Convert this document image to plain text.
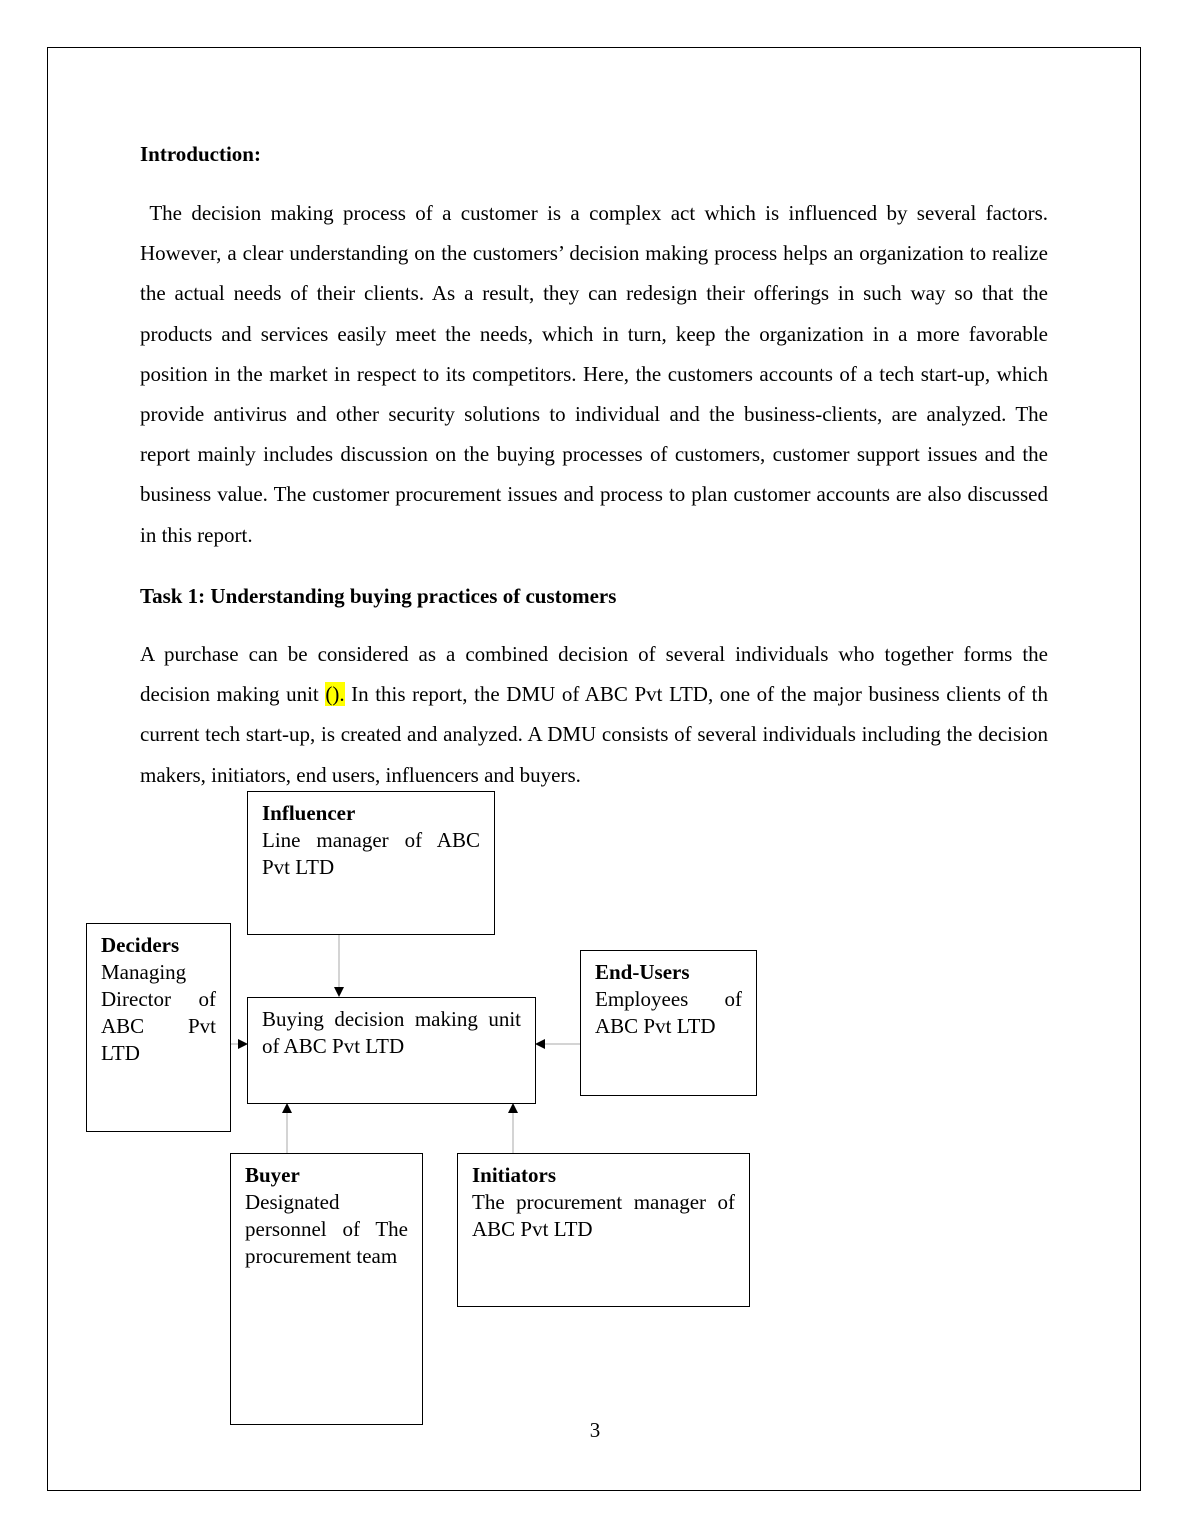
Introduction:

The decision making process of a customer is a complex act which is influenced by several factors. However, a clear understanding on the customers’ decision making process helps an organization to realize the actual needs of their clients. As a result, they can redesign their offerings in such way so that the products and services easily meet the needs, which in turn, keep the organization in a more favorable position in the market in respect to its competitors. Here, the customers accounts of a tech start-up, which provide antivirus and other security solutions to individual and the business-clients, are analyzed. The report mainly includes discussion on the buying processes of customers, customer support issues and the business value. The customer procurement issues and process to plan customer accounts are also discussed in this report.

Task 1: Understanding buying practices of customers

A purchase can be considered as a combined decision of several individuals who together forms the decision making unit (). In this report, the DMU of ABC Pvt LTD, one of the major business clients of th current tech start-up, is created and analyzed. A DMU consists of several individuals including the decision makers, initiators, end users, influencers and buyers.

Influencer
Line manager of ABC Pvt LTD
Deciders
Managing Director of ABC Pvt LTD
Buying decision making unit of ABC Pvt LTD
End-Users
Employees of ABC Pvt LTD
Buyer
Designated personnel of The procurement team
Initiators
The procurement manager of ABC Pvt LTD
3
